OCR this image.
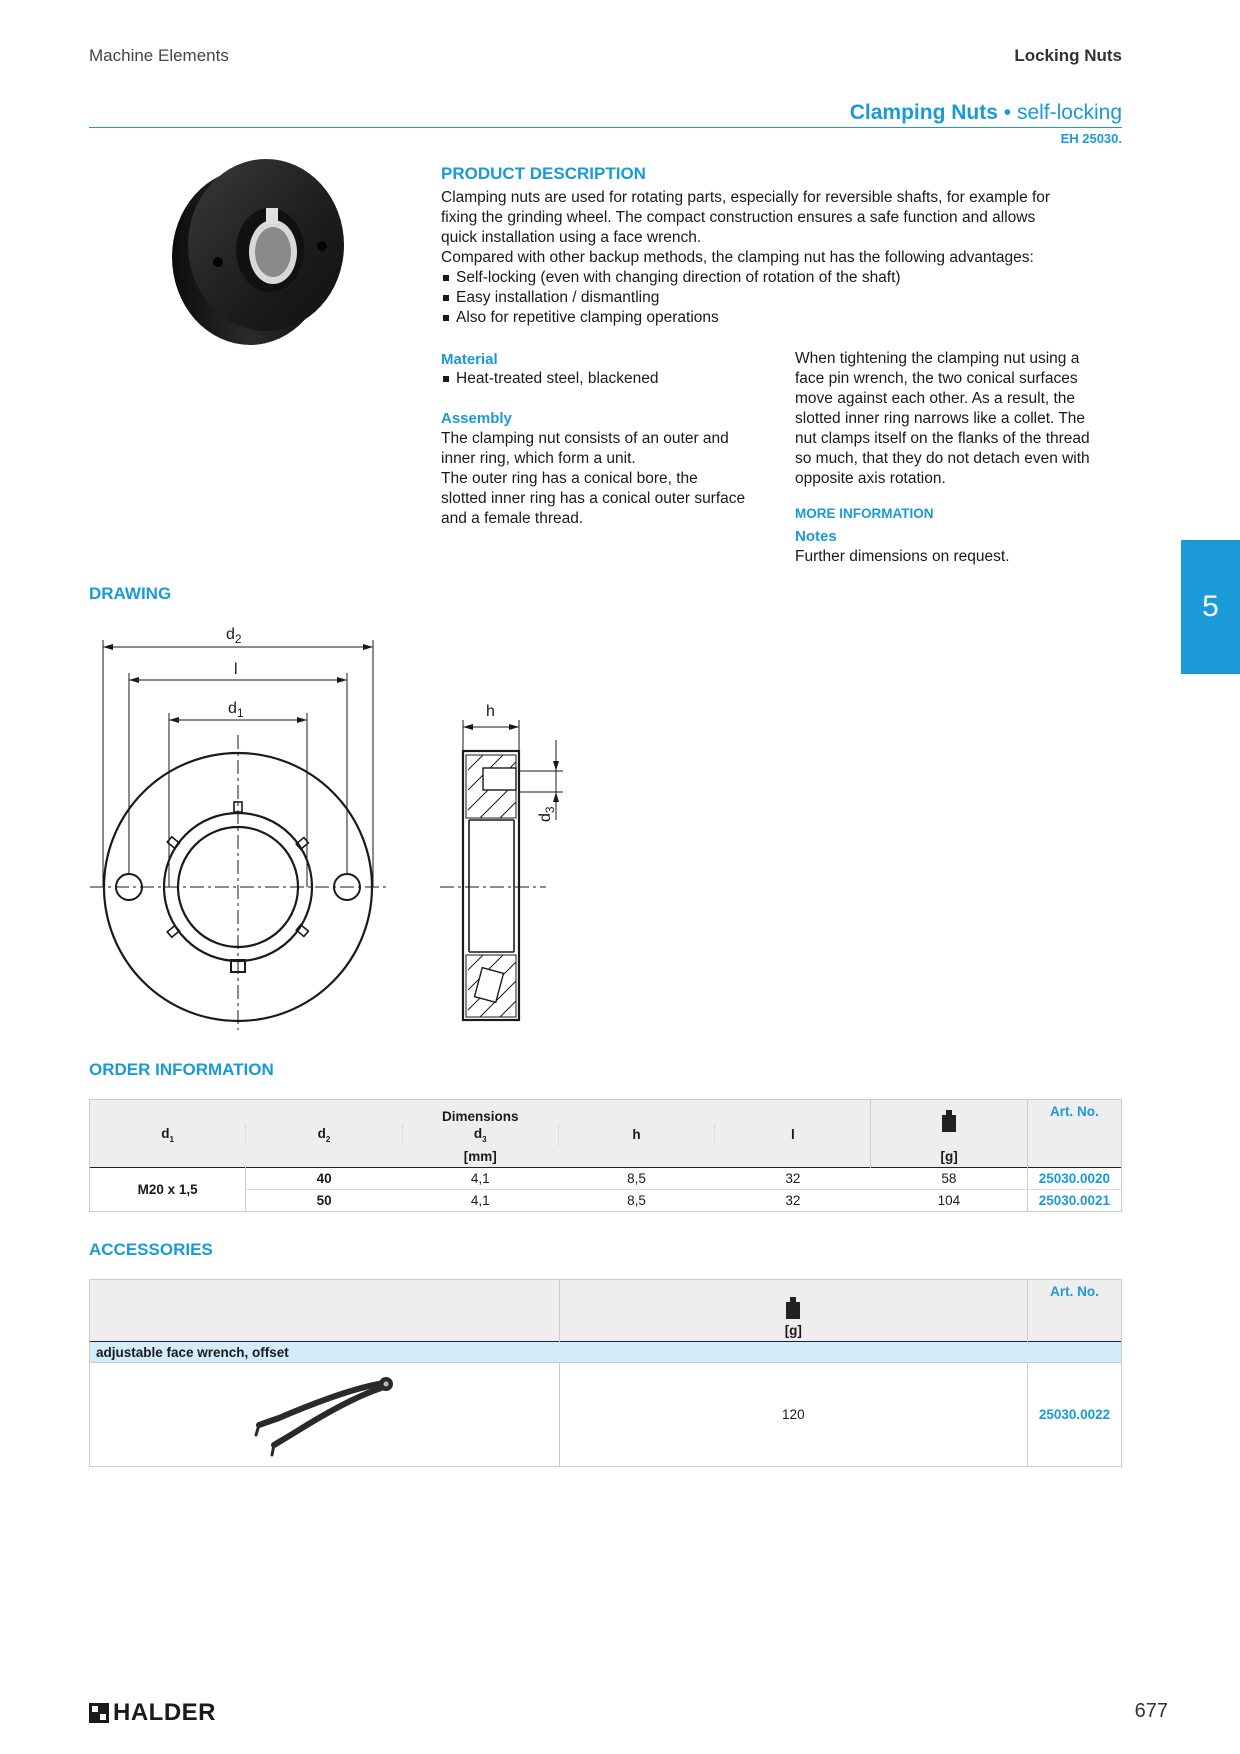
Machine Elements	Locking Nuts
Clamping Nuts • self-locking
EH 25030.
PRODUCT DESCRIPTION
Clamping nuts are used for rotating parts, especially for reversible shafts, for example for
fixing the grinding wheel. The compact construction ensures a safe function and allows
quick installation using a face wrench.
Compared with other backup methods, the clamping nut has the following advantages:
Self-locking (even with changing direction of rotation of the shaft)
Easy installation / dismantling
Also for repetitive clamping operations
Material
Heat-treated steel, blackened
Assembly
The clamping nut consists of an outer and
inner ring, which form a unit.
The outer ring has a conical bore, the
slotted inner ring has a conical outer surface
and a female thread.
When tightening the clamping nut using a
face pin wrench, the two conical surfaces
move against each other. As a result, the
slotted inner ring narrows like a collet. The
nut clamps itself on the flanks of the thread
so much, that they do not detach even with
opposite axis rotation.
MORE INFORMATION
Notes
Further dimensions on request.
5
DRAWING
$d_2$
l
$d_1$	h
$d_3$
ORDER INFORMATION
Dimensions						Art. No.
$d_1$	$d_2$	$d_3$	h	l		
		[mm]			[g]	
M20 x 1,5	40	4,1	8,5	32	58	25030.0020
	50	4,1	8,5	32	104	25030.0021
ACCESSORIES

	[g]	Art. No.
adjustable face wrench, offset		
	120	25030.0022
HALDER	677
